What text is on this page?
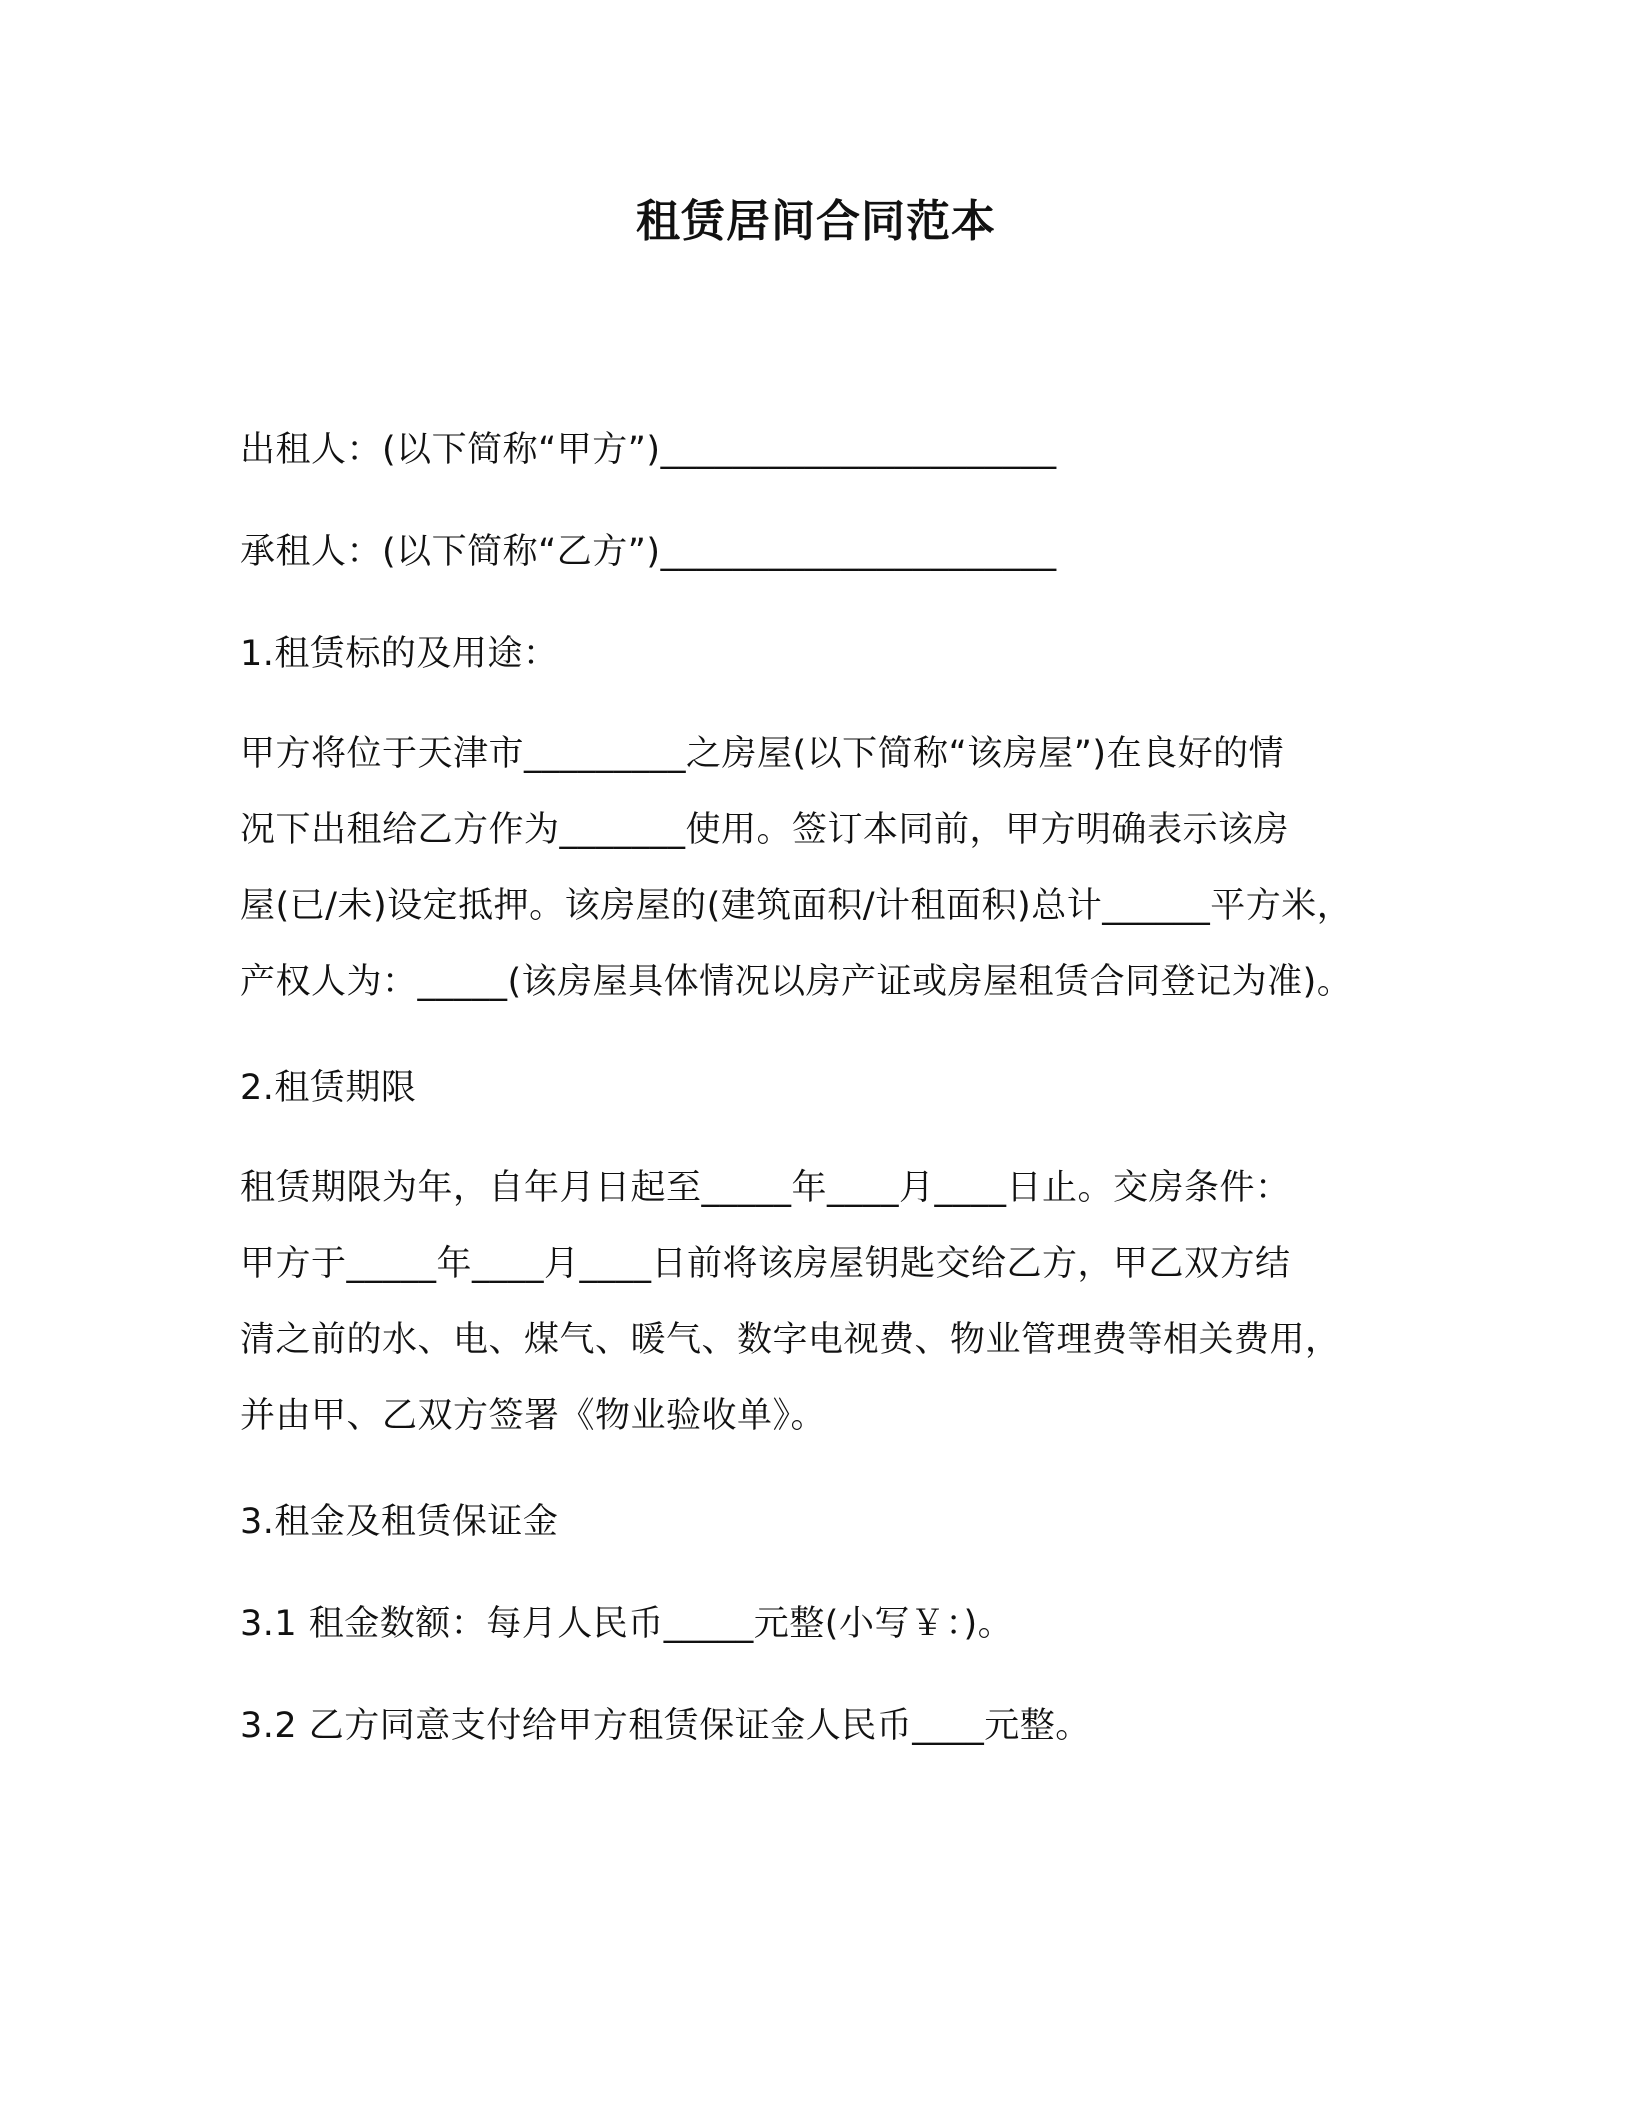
租赁居间合同范本
出租人：(以下简称“甲方”)______________________
承租人：(以下简称“乙方”)______________________
1.租赁标的及用途：
甲方将位于天津市_________之房屋(以下简称“该房屋”)在良好的情
况下出租给乙方作为_______使用。签订本同前，甲方明确表示该房
屋(已/未)设定抵押。该房屋的(建筑面积/计租面积)总计______平方米，
产权人为：_____(该房屋具体情况以房产证或房屋租赁合同登记为准)。
2.租赁期限
租赁期限为年，自年月日起至_____年____月____日止。交房条件：
甲方于_____年____月____日前将该房屋钥匙交给乙方，甲乙双方结
清之前的水、电、煤气、暖气、数字电视费、物业管理费等相关费用，
并由甲、乙双方签署《物业验收单》。
3.租金及租赁保证金
3.1 租金数额：每月人民币_____元整(小写￥：)。
3.2 乙方同意支付给甲方租赁保证金人民币____元整。
